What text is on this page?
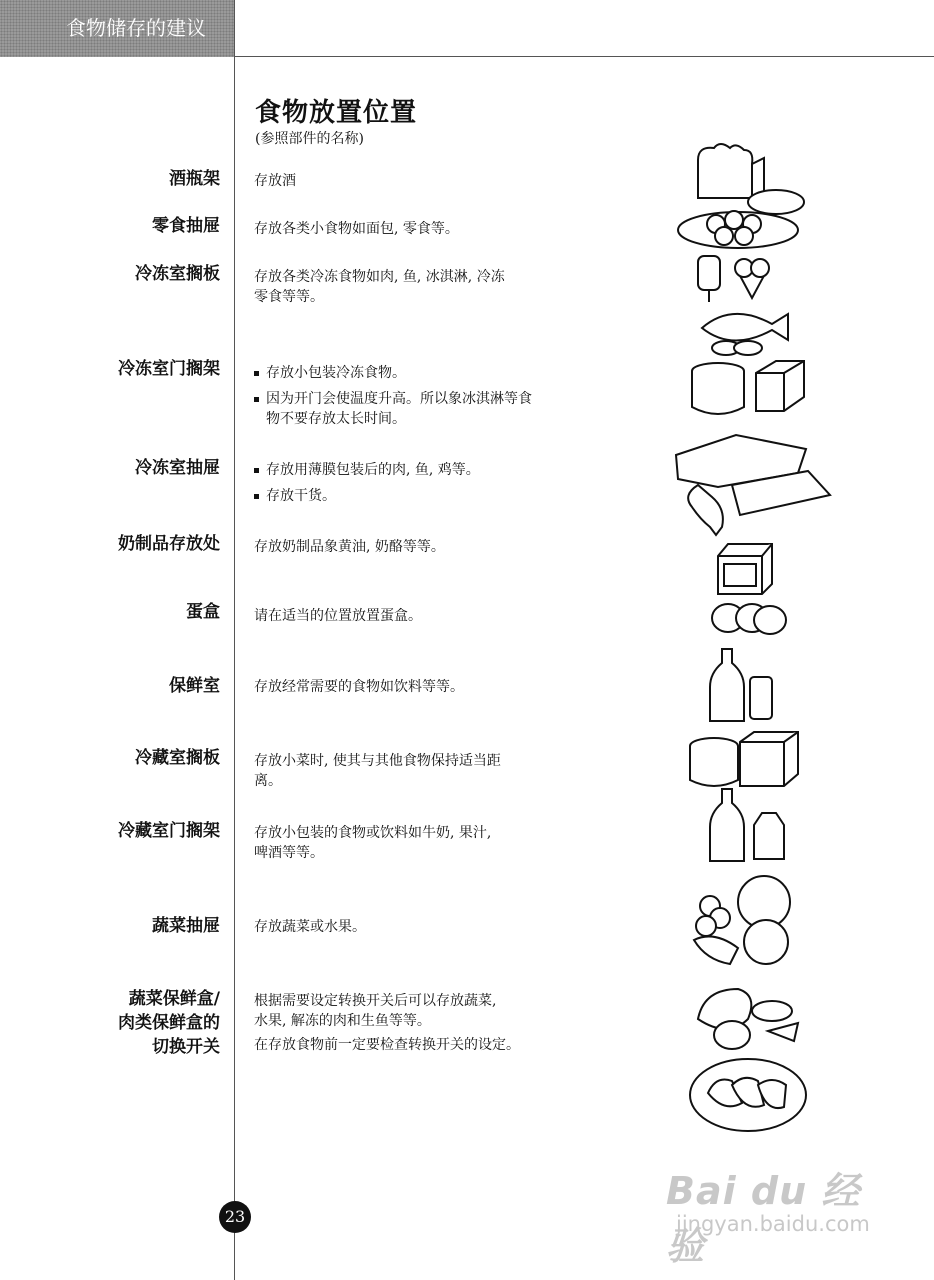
食物储存的建议
食物放置位置
(参照部件的名称)
酒瓶架
零食抽屉
冷冻室搁板
冷冻室门搁架
冷冻室抽屉
奶制品存放处
蛋盒
保鲜室
冷藏室搁板
冷藏室门搁架
蔬菜抽屉
蔬菜保鲜盒/
肉类保鲜盒的
切换开关
存放酒
存放各类小食物如面包, 零食等。
存放各类冷冻食物如肉, 鱼, 冰淇淋, 冷冻
零食等等。
存放小包装冷冻食物。
因为开门会使温度升高。所以象冰淇淋等食
物不要存放太长时间。
存放用薄膜包装后的肉, 鱼, 鸡等。
存放干货。
存放奶制品象黄油, 奶酪等等。
请在适当的位置放置蛋盒。
存放经常需要的食物如饮料等等。
存放小菜时, 使其与其他食物保持适当距
离。
存放小包装的食物或饮料如牛奶, 果汁,
啤酒等等。
存放蔬菜或水果。
根据需要设定转换开关后可以存放蔬菜,
水果, 解冻的肉和生鱼等等。
在存放食物前一定要检查转换开关的设定。
23
Bai du 经验
jingyan.baidu.com
